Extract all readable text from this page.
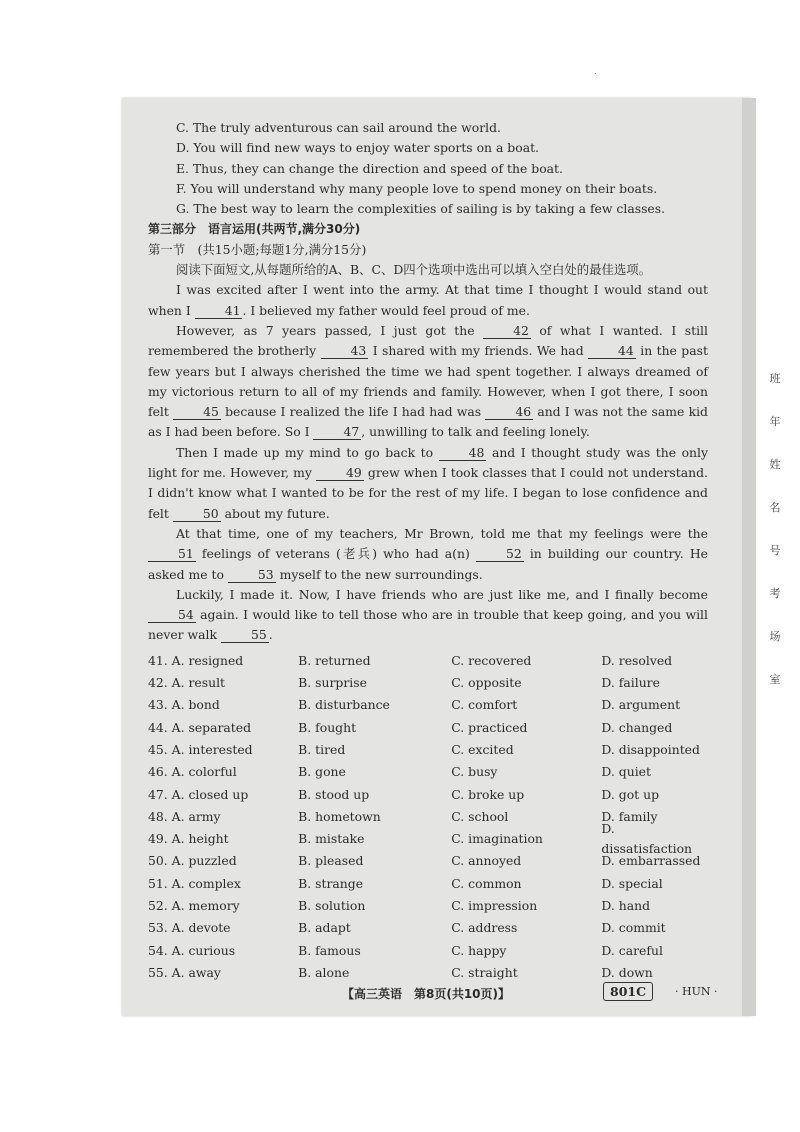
.
班
年
姓
名
号
考
场
室
C. The truly adventurous can sail around the world.
D. You will find new ways to enjoy water sports on a boat.
E. Thus, they can change the direction and speed of the boat.
F. You will understand why many people love to spend money on their boats.
G. The best way to learn the complexities of sailing is by taking a few classes.
第三部分　语言运用(共两节,满分30分)
第一节　(共15小题;每题1分,满分15分)
阅读下面短文,从每题所给的A、B、C、D四个选项中选出可以填入空白处的最佳选项。

I was excited after I went into the army. At that time I thought I would stand out when I	41 . I believed my father would feel proud of me.

However, as 7 years passed, I just got the	42 of what I wanted. I still remembered the brotherly	43 I shared with my friends. We had	44 in the past few years but I always cherished the time we had spent together. I always dreamed of my victorious return to all of my friends and family. However, when I got there, I soon felt	45 because I realized the life I had had was	46 and I was not the same kid as I had been before. So I	47 , unwilling to talk and feeling lonely.

Then I made up my mind to go back to	48 and I thought study was the only light for me. However, my	49 grew when I took classes that I could not understand. I didn't know what I wanted to be for the rest of my life. I began to lose confidence and felt	50 about my future.

At that time, one of my teachers, Mr Brown, told me that my feelings were the 51 feelings of veterans (老兵) who had a(n)	52 in building our country. He asked me to	53 myself to the new surroundings.

Luckily, I made it. Now, I have friends who are just like me, and I finally become 54 again. I would like to tell those who are in trouble that keep going, and you will never walk	55 .

41. A. resigned	B. returned	C. recovered	D. resolved
42. A. result	B. surprise	C. opposite	D. failure
43. A. bond	B. disturbance	C. comfort	D. argument
44. A. separated	B. fought	C. practiced	D. changed
45. A. interested	B. tired	C. excited	D. disappointed
46. A. colorful	B. gone	C. busy	D. quiet
47. A. closed up	B. stood up	C. broke up	D. got up
48. A. army	B. hometown	C. school	D. family
49. A. height	B. mistake	C. imagination
D. dissatisfaction
50. A. puzzled	B. pleased	C. annoyed	D. embarrassed
51. A. complex	B. strange	C. common	D. special
52. A. memory	B. solution	C. impression	D. hand
53. A. devote	B. adapt	C. address	D. commit
54. A. curious	B. famous	C. happy	D. careful
55. A. away	B. alone	C. straight	D. down
【高三英语　第8页(共10页)】	801C	· HUN ·
